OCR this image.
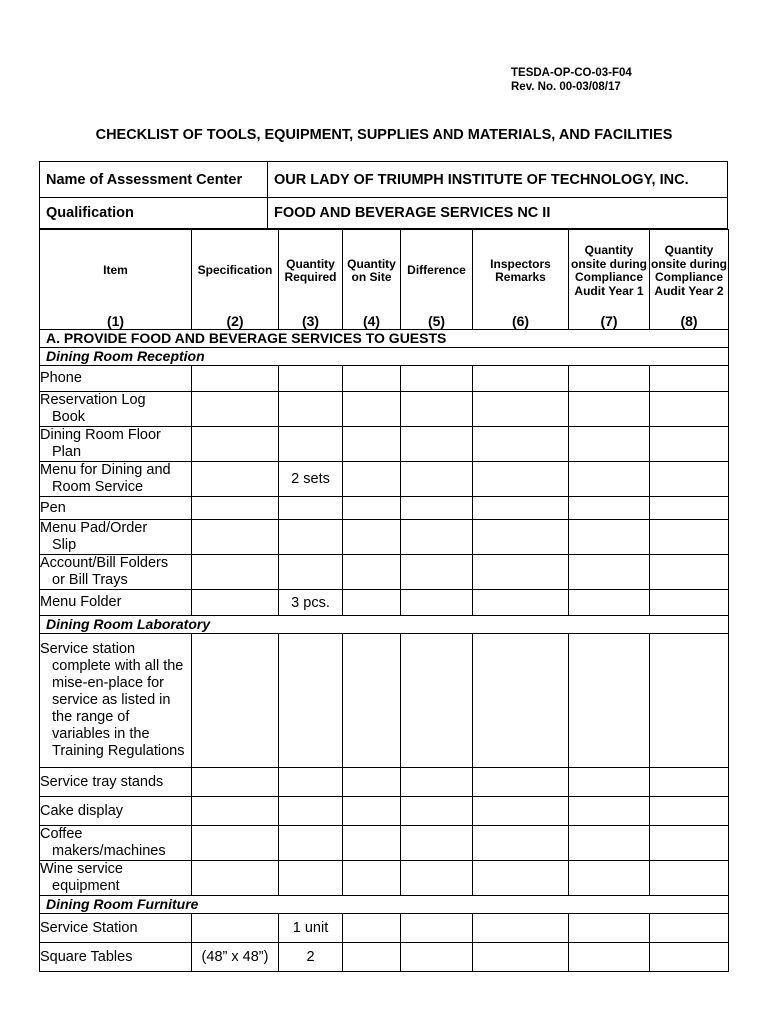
TESDA-OP-CO-03-F04
Rev. No. 00-03/08/17
CHECKLIST OF TOOLS, EQUIPMENT, SUPPLIES AND MATERIALS, AND FACILITIES
Name of Assessment Center	OUR LADY OF TRIUMPH INSTITUTE OF TECHNOLOGY, INC.
Qualification	FOOD AND BEVERAGE SERVICES NC II
Item	Specification	Quantity Required	Quantity on Site	Difference	Inspectors Remarks	Quantity onsite during Compliance Audit Year 1	Quantity onsite during Compliance Audit Year 2
(1)	(2)	(3)	(4)	(5)	(6)	(7)	(8)
A. PROVIDE FOOD AND BEVERAGE SERVICES TO GUESTS							
Dining Room Reception							
Phone							
Reservation Log
Book							

Dining Room Floor
Plan							

Menu for Dining and
Room Service		2 sets					
Pen							
Menu Pad/Order
Slip							

Account/Bill Folders
or Bill Trays							

Menu Folder		3 pcs.					
Dining Room Laboratory							
Service station
complete with all the mise-en-place for service as listed in the range of variables in the Training Regulations							

Service tray stands							
Cake display							
Coffee
makers/machines							

Wine service
equipment							

Dining Room Furniture							
Service Station		1 unit					
Square Tables	(48” x 48”)	2					
